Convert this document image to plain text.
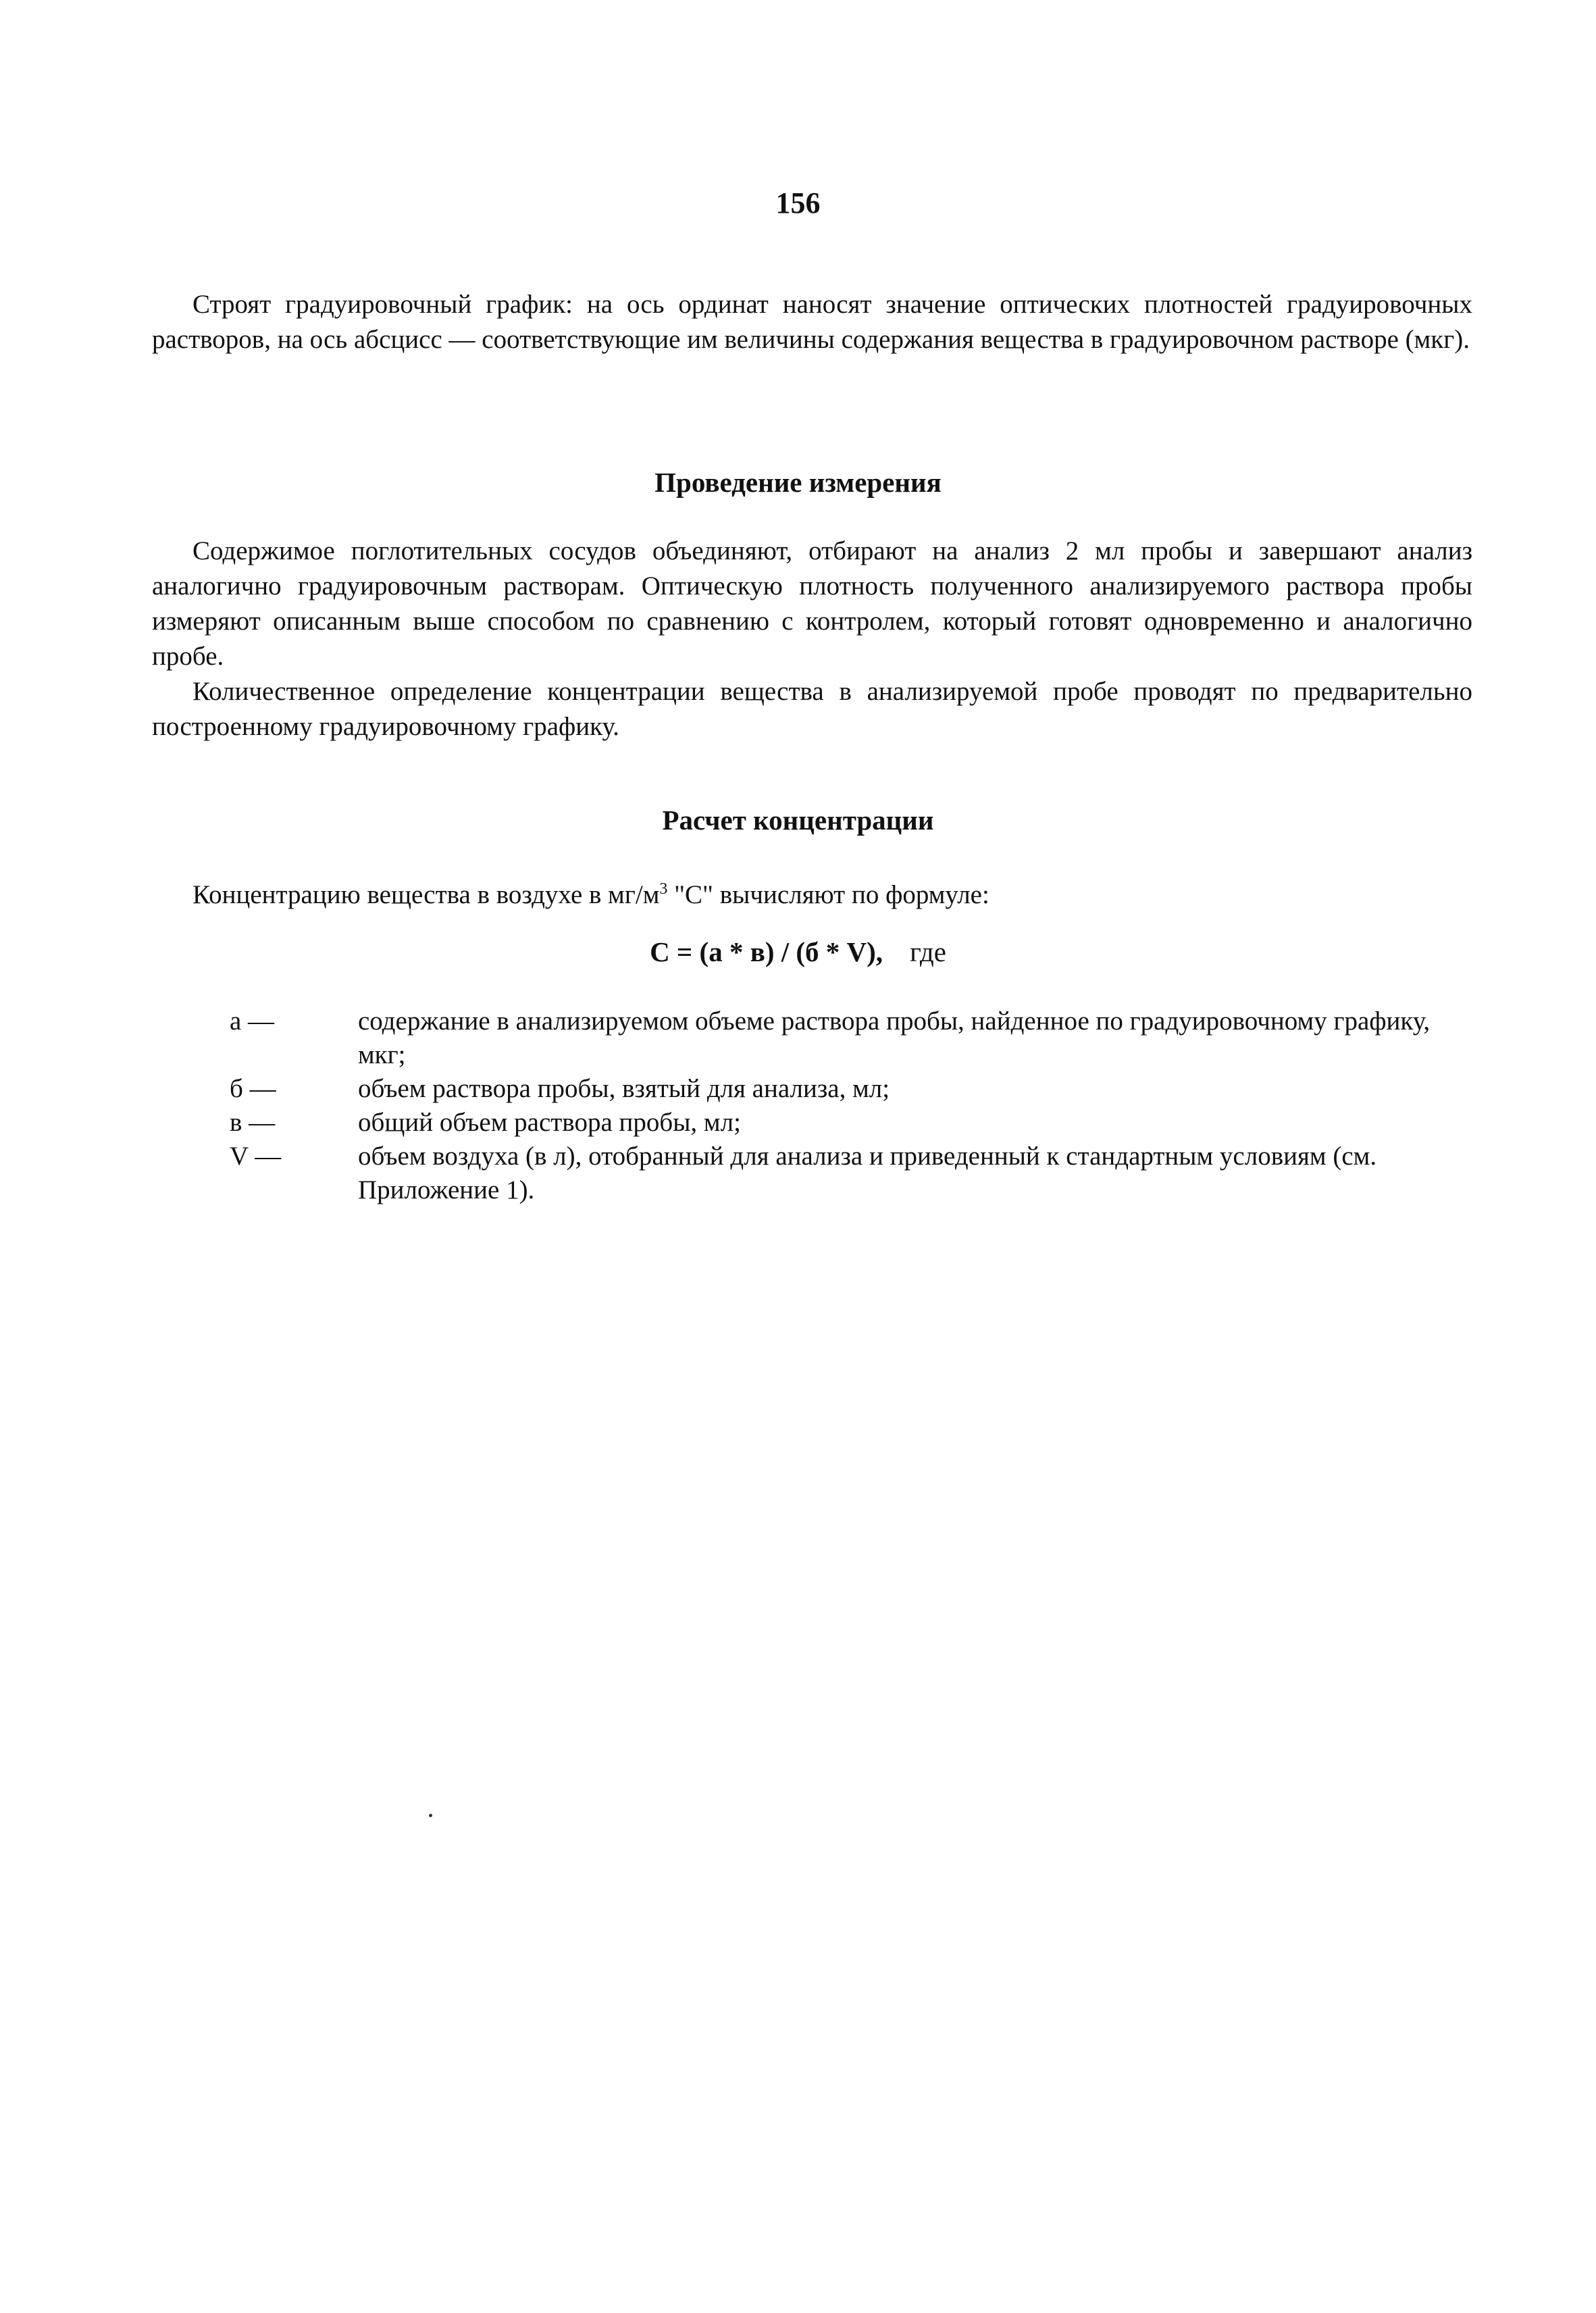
156

Строят градуировочный график: на ось ординат наносят значение оптических плотностей градуировочных растворов, на ось абсцисс — соответствующие им величины содержания вещества в градуировочном растворе (мкг).

Проведение измерения

Содержимое поглотительных сосудов объединяют, отбирают на анализ 2 мл пробы и завершают анализ аналогично градуировочным растворам. Оптическую плотность полученного анализируемого раствора пробы измеряют описанным выше способом по сравнению с контролем, который готовят одновременно и аналогично пробе.

Количественное определение концентрации вещества в анализируемой пробе проводят по предварительно построенному градуировочному графику.

Расчет концентрации

Концентрацию вещества в воздухе в $мг/м^3$ "С" вычисляют по формуле:

С = (а * в) / (б * V), где
а —	содержание в анализируемом объеме раствора пробы, найденное по градуировочному графику, мкг;
б —	объем раствора пробы, взятый для анализа, мл;
в —	общий объем раствора пробы, мл;
V —	объем воздуха (в л), отобранный для анализа и приведенный к стандартным условиям (см. Приложение 1).
